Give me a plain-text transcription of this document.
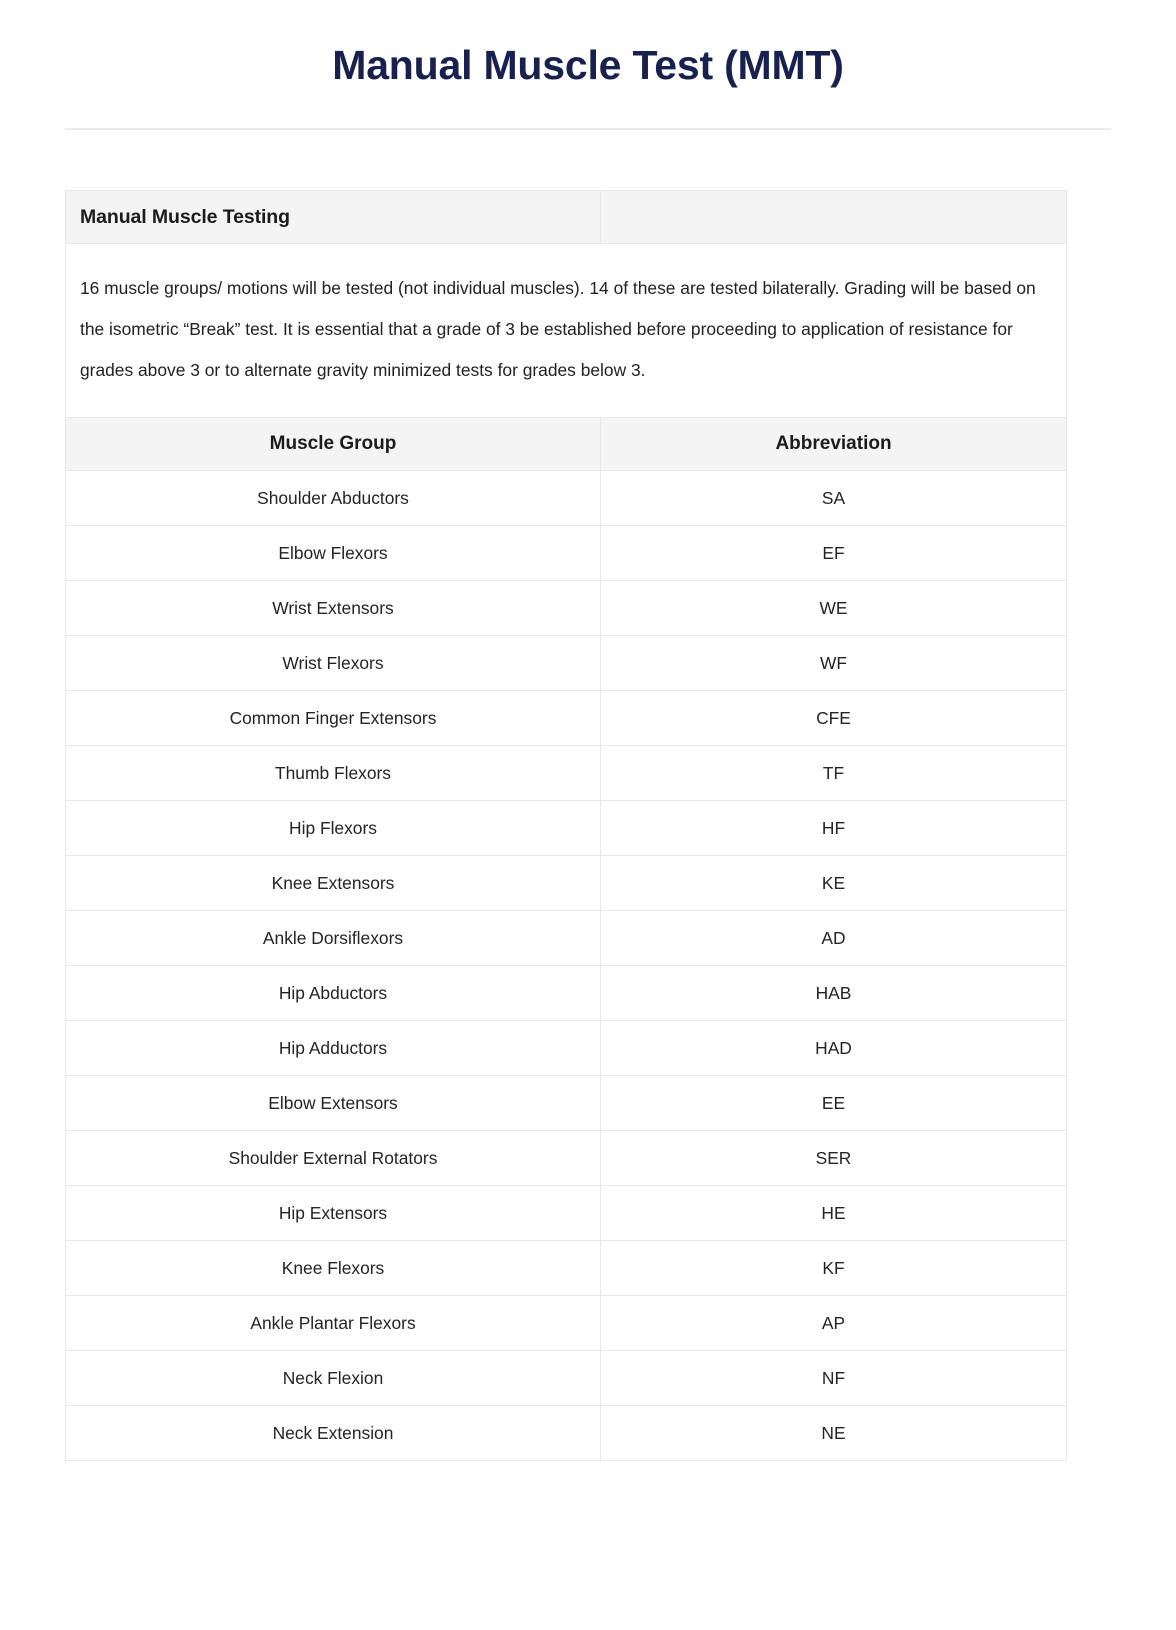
Manual Muscle Test (MMT)
Manual Muscle Testing	

16 muscle groups/ motions will be tested (not individual muscles). 14 of these are tested bilaterally. Grading will be based on the isometric “Break” test. It is essential that a grade of 3 be established before proceeding to application of resistance for grades above 3 or to alternate gravity minimized tests for grades below 3.	

Muscle Group	Abbreviation
Shoulder Abductors	SA
Elbow Flexors	EF
Wrist Extensors	WE
Wrist Flexors	WF
Common Finger Extensors	CFE
Thumb Flexors	TF
Hip Flexors	HF
Knee Extensors	KE
Ankle Dorsiflexors	AD
Hip Abductors	HAB
Hip Adductors	HAD
Elbow Extensors	EE
Shoulder External Rotators	SER
Hip Extensors	HE
Knee Flexors	KF
Ankle Plantar Flexors	AP
Neck Flexion	NF
Neck Extension	NE
